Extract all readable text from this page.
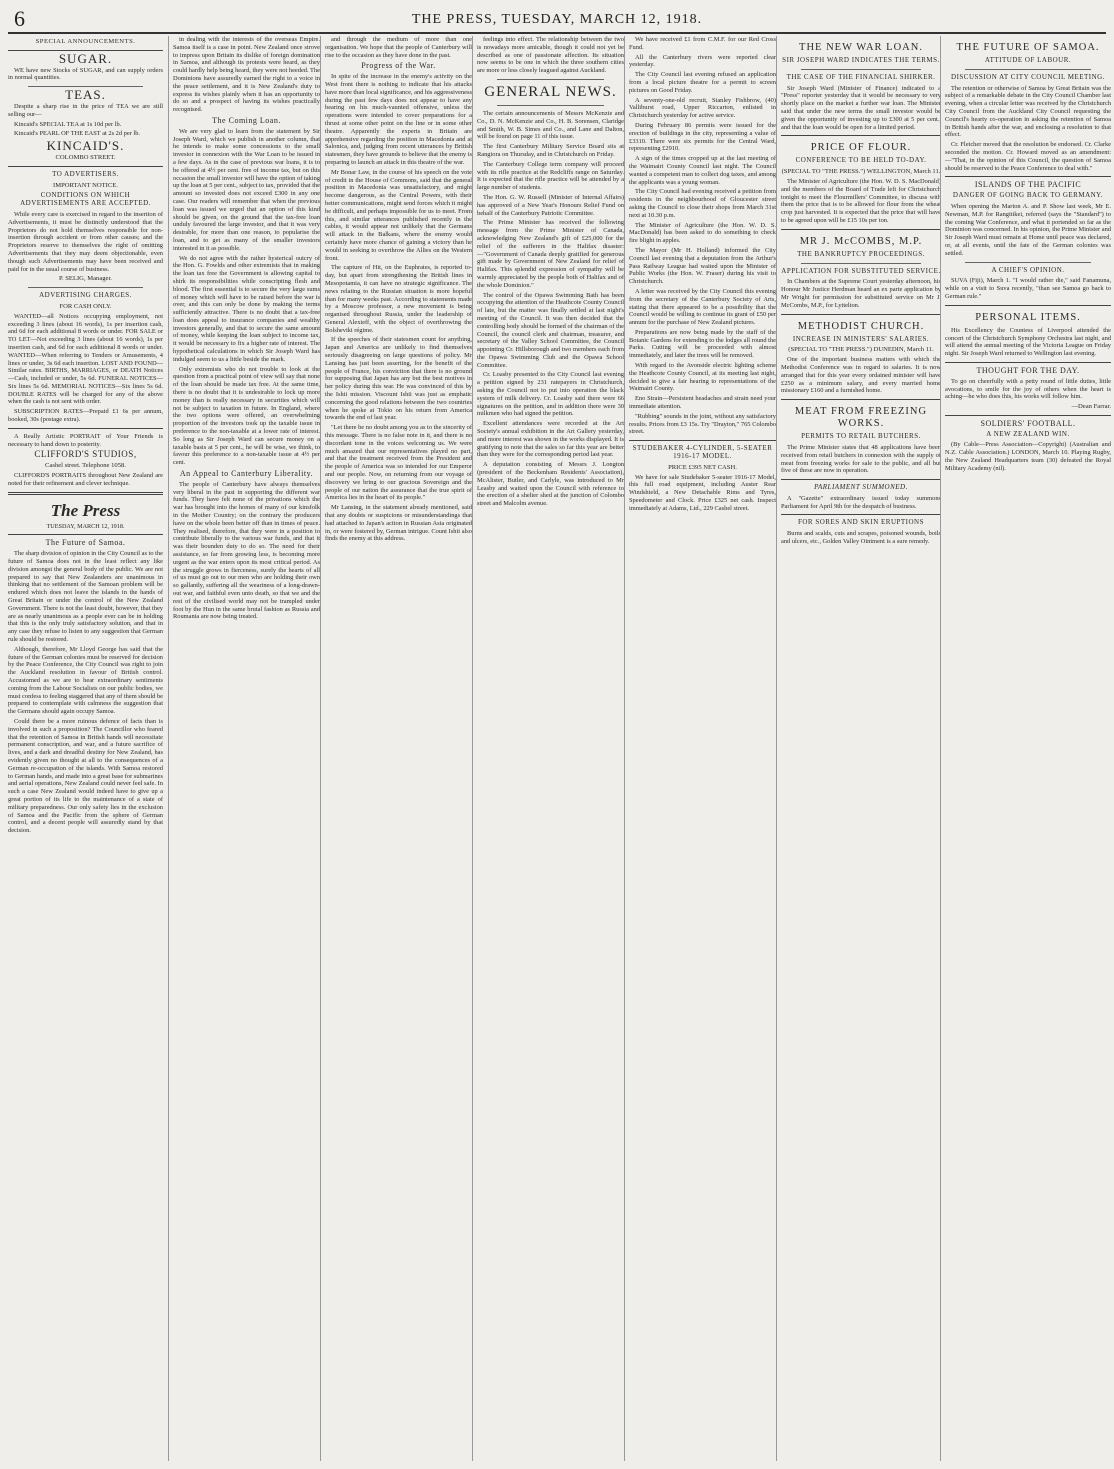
6	THE PRESS, TUESDAY, MARCH 12, 1918.
SPECIAL ANNOUNCEMENTS.
SUGAR.

WE have new Stocks of SUGAR, and can supply orders in normal quantities.

TEAS.

Despite a sharp rise in the price of TEA we are still selling our—

Kincaid's SPECIAL TEA at 1s 10d per lb.

Kincaid's PEARL OF THE EAST at 2s 2d per lb.

KINCAID'S.
COLOMBO STREET.
TO ADVERTISERS.
IMPORTANT NOTICE.
CONDITIONS ON WHICH ADVERTISEMENTS ARE ACCEPTED.

While every care is exercised in regard to the insertion of Advertisements, it must be distinctly understood that the Proprietors do not hold themselves responsible for non-insertion through accident or from other causes; and the Proprietors reserve to themselves the right of omitting Advertisements that they may deem objectionable, even though such Advertisements may have been received and paid for in the usual course of business.

P. SELIG, Manager.
ADVERTISING CHARGES.
FOR CASH ONLY.

WANTED—all Notices occupying employment, not exceeding 3 lines (about 16 words), 1s per insertion cash, and 6d for each additional 8 words or under. FOR SALE or TO LET—Not exceeding 3 lines (about 16 words), 1s per insertion cash, and 6d for each additional 8 words or under. WANTED—When referring to Tenders or Amusements, 4 lines or under, 3s 6d each insertion. LOST AND FOUND—Similar rates. BIRTHS, MARRIAGES, or DEATH Notices—Cash, included or under, 5s 6d. FUNERAL NOTICES—Six lines 5s 6d. MEMORIAL NOTICES—Six lines 5s 6d. DOUBLE RATES will be charged for any of the above when the cash is not sent with order.

SUBSCRIPTION RATES—Prepaid £1 6s per annum, booked, 30s (postage extra).

A Really Artistic PORTRAIT of Your Friends is necessary to hand down to posterity.

CLIFFORD'S STUDIOS,
Cashel street. Telephone 1058.

CLIFFORD'S PORTRAITS throughout New Zealand are noted for their refinement and clever technique.

The Press
TUESDAY, MARCH 12, 1918.
The Future of Samoa.

The sharp division of opinion in the City Council as to the future of Samoa does not in the least reflect any like division amongst the general body of the public. We are not prepared to say that New Zealanders are unanimous in thinking that no settlement of the Samoan problem will be endured which does not leave the islands in the hands of Great Britain or under the control of the New Zealand Government. There is not the least doubt, however, that they are as nearly unanimous as a people ever can be in holding that this is the only truly satisfactory solution, and that in any case they refuse to listen to any suggestion that German rule should be restored.

Although, therefore, Mr Lloyd George has said that the future of the German colonies must be reserved for decision by the Peace Conference, the City Council was right to join the Auckland resolution in favour of British control. Accustomed as we are to hear extraordinary sentiments coming from the Labour Socialists on our public bodies, we must confess to feeling staggered that any of them should be prepared to contemplate with calmness the suggestion that the Germans should again occupy Samoa.

Could there be a more ruinous defence of facts than is involved in such a proposition? The Councillor who feared that the retention of Samoa in British hands will necessitate permanent conscription, and war, and a future sacrifice of lives, and a dark and dreadful destiny for New Zealand, has evidently given no thought at all to the consequences of a German re-occupation of the islands. With Samoa restored to German hands, and made into a great base for submarines and aerial operations, New Zealand could never feel safe. In such a case New Zealand would indeed have to give up a great portion of its life to the maintenance of a state of military preparedness. Our only safety lies in the exclusion of Samoa and the Pacific from the sphere of German control, and a decent people will assuredly stand by that decision.

in dealing with the interests of the overseas Empire. Samoa itself is a case in point. New Zealand once strove to impress upon Britain its dislike of foreign domination in Samoa, and although its protests were heard, as they could hardly help being heard, they were not heeded. The Dominions have assuredly earned the right to a voice in the peace settlement, and it is New Zealand's duty to express its wishes plainly when it has an opportunity to do so and a prospect of having its wishes practically recognised.

The Coming Loan.

We are very glad to learn from the statement by Sir Joseph Ward, which we publish in another column, that he intends to make some concessions to the small investor in connexion with the War Loan to be issued in a few days. As in the case of previous war loans, it is to be offered at 4½ per cent. free of income tax, but on this occasion the small investor will have the option of taking up the loan at 5 per cent., subject to tax, provided that the amount so invested does not exceed £300 in any one case. Our readers will remember that when the previous loan was issued we urged that an option of this kind should be given, on the ground that the tax-free loan unduly favoured the large investor, and that it was very desirable, for more than one reason, to popularise the loan, and to get as many of the smaller investors interested in it as possible.

We do not agree with the rather hysterical outcry of the Hon. G. Fowlds and other extremists that in making the loan tax free the Government is allowing capital to shirk its responsibilities while conscripting flesh and blood. The first essential is to secure the very large sums of money which will have to be raised before the war is over, and this can only be done by making the terms sufficiently attractive. There is no doubt that a tax-free loan does appeal to insurance companies and wealthy investors generally, and that to secure the same amount of money, while keeping the loan subject to income tax, it would be necessary to fix a higher rate of interest. The hypothetical calculations in which Sir Joseph Ward has indulged seem to us a little beside the mark.

Only extremists who do not trouble to look at the question from a practical point of view will say that none of the loan should be made tax free. At the same time, there is no doubt that it is undesirable to lock up more money than is really necessary in securities which will not be subject to taxation in future. In England, where the two options were offered, an overwhelming proportion of the investors took up the taxable issue in preference to the non-taxable at a lower rate of interest. So long as Sir Joseph Ward can secure money on a taxable basis at 5 per cent., he will be wise, we think, to favour this preference to a non-taxable issue at 4½ per cent.

An Appeal to Canterbury Liberality.

The people of Canterbury have always themselves very liberal in the past in supporting the different war funds. They have felt none of the privations which the war has brought into the homes of many of our kinsfolk in the Mother Country; on the contrary the producers have on the whole been better off than in times of peace. They realised, therefore, that they were in a position to contribute liberally to the various war funds, and that it was their bounden duty to do so. The need for their assistance, so far from growing less, is becoming more urgent as the war enters upon its most critical period. As the struggle grows in fierceness, surely the hearts of all of us must go out to our men who are holding their own so gallantly, suffering all the weariness of a long-drawn-out war, and faithful even unto death, so that we and the rest of the civilised world may not be trampled under foot by the Hun in the same brutal fashion as Russia and Roumania are now being treated.

and through the medium of more than one organisation. We hope that the people of Canterbury will rise to the occasion as they have done in the past.

Progress of the War.

In spite of the increase in the enemy's activity on the West front there is nothing to indicate that his attacks have more than local significance, and his aggressiveness during the past few days does not appear to have any bearing on his much-vaunted offensive, unless the operations were intended to cover preparations for a thrust at some other point on the line or in some other theatre. Apparently the experts in Britain are apprehensive regarding the position in Macedonia and at Salonica, and, judging from recent utterances by British statesmen, they have grounds to believe that the enemy is preparing to launch an attack in this theatre of the war.

Mr Bonar Law, in the course of his speech on the vote of credit in the House of Commons, said that the general position in Macedonia was unsatisfactory, and might become dangerous, as the Central Powers, with their better communications, might send forces which it might be difficult, and perhaps impossible for us to meet. From this, and similar utterances published recently in the cables, it would appear not unlikely that the Germans will attack in the Balkans, where the enemy would certainly have more chance of gaining a victory than he would in seeking to overthrow the Allies on the Western front.

The capture of Hit, on the Euphrates, is reported to-day, but apart from strengthening the British lines in Mesopotamia, it can have no strategic significance. The news relating to the Russian situation is more hopeful than for many weeks past. According to statements made by a Moscow professor, a new movement is being organised throughout Russia, under the leadership of General Alexieff, with the object of overthrowing the Bolsheviki régime.

If the speeches of their statesmen count for anything, Japan and America are unlikely to find themselves seriously disagreeing on large questions of policy. Mr Lansing has just been asserting, for the benefit of the people of France, his conviction that there is no ground for supposing that Japan has any but the best motives in her policy during this war. He was convinced of this by the Ishii mission. Viscount Ishii was just as emphatic concerning the good relations between the two countries when he spoke at Tokio on his return from America towards the end of last year.

"Let there be no doubt among you as to the sincerity of this message. There is no false note in it, and there is no discordant tone in the voices welcoming us. We were much amazed that our representatives played no part, and that the treatment received from the President and the people of America was so intended for our Emperor and our people. Now, on returning from our voyage of discovery we bring to our gracious Sovereign and the people of our nation the assurance that the true spirit of America lies in the heart of its people."

Mr Lansing, in the statement already mentioned, said that any doubts or suspicions or misunderstandings that had attached to Japan's action in Russian Asia originated in, or were fostered by, German intrigue. Count Ishii also finds the enemy at this address.

feelings into effect. The relationship between the two is nowadays more amicable, though it could not yet be described as one of passionate affection. Its situation now seems to be one in which the three southern cities are more or less closely leagued against Auckland.

GENERAL NEWS.

The certain announcements of Messrs McKenzie and Co., D. N. McKenzie and Co., H. B. Sorensen, Claridge and Smith, W. B. Simes and Co., and Lane and Dalton, will be found on page 11 of this issue.

The first Canterbury Military Service Board sits at Rangiora on Thursday, and in Christchurch on Friday.

The Canterbury College term company will proceed with its rifle practice at the Redcliffs range on Saturday. It is expected that the rifle practice will be attended by a large number of students.

The Hon. G. W. Russell (Minister of Internal Affairs) has approved of a New Year's Honours Relief Fund on behalf of the Canterbury Patriotic Committee.

The Prime Minister has received the following message from the Prime Minister of Canada, acknowledging New Zealand's gift of £25,000 for the relief of the sufferers in the Halifax disaster:—"Government of Canada deeply gratified for generous gift made by Government of New Zealand for relief of Halifax. This splendid expression of sympathy will be warmly appreciated by the people both of Halifax and of the whole Dominion."

The control of the Opawa Swimming Bath has been occupying the attention of the Heathcote County Council of late, but the matter was finally settled at last night's meeting of the Council. It was then decided that the controlling body should be formed of the chairman of the Council, the council clerk and chairman, treasurer, and secretary of the Valley School Committee, the Council appointing Cr. Hillsborough and two members each from the Opawa Swimming Club and the Opawa School Committee.

Cr. Loasby presented to the City Council last evening a petition signed by 231 ratepayers in Christchurch, asking the Council not to put into operation the black system of milk delivery. Cr. Loasby said there were 66 signatures on the petition, and in addition there were 30 milkmen who had signed the petition.

Excellent attendances were recorded at the Art Society's annual exhibition in the Art Gallery yesterday, and more interest was shown in the works displayed. It is gratifying to note that the sales so far this year are better than they were for the corresponding period last year.

A deputation consisting of Messrs J. Longton (president of the Beckenham Residents' Association), McAlister, Butler, and Carlyle, was introduced to Mr Leasby and waited upon the Council with reference to the erection of a shelter shed at the junction of Colombo street and Malcolm avenue.

We have received £1 from C.M.F. for our Red Cross Fund.

All the Canterbury rivers were reported clear yesterday.

The City Council last evening refused an application from a local picture theatre for a permit to screen pictures on Good Friday.

A seventy-one-old recruit, Stanley Fishbrow, (40) Valliburst road, Upper Riccarton, enlisted in Christchurch yesterday for active service.

During February 86 permits were issued for the erection of buildings in the city, representing a value of £3310. There were six permits for the Central Ward, representing £2910.

A sign of the times cropped up at the last meeting of the Waimairi County Council last night. The Council wanted a competent man to collect dog taxes, and among the applicants was a young woman.

The City Council had evening received a petition from residents in the neighbourhood of Gloucester street asking the Council to close their shops from March 31st next at 10.30 p.m.

The Minister of Agriculture (the Hon. W. D. S. MacDonald) has been asked to do something to check fire blight in apples.

The Mayor (Mr H. Holland) informed the City Council last evening that a deputation from the Arthur's Pass Railway League had waited upon the Minister of Public Works (the Hon. W. Fraser) during his visit to Christchurch.

A letter was received by the City Council this evening from the secretary of the Canterbury Society of Arts, stating that there appeared to be a possibility that the Council would be willing to continue its grant of £50 per annum for the purchase of New Zealand pictures.

Preparations are now being made by the staff of the Botanic Gardens for extending to the lodges all round the Parks. Cutting will be proceeded with almost immediately, and later the trees will be removed.

With regard to the Avonside electric lighting scheme the Heathcote County Council, at its meeting last night, decided to give a fair hearing to representations of the Waimairi County.

Eno Strain—Persistent headaches and strain need your immediate attention.

"Rubbing" sounds in the joint, without any satisfactory results. Prices from £3 15s. Try "Drayton," 765 Colombo street.

STUDEBAKER 4-CYLINDER, 5-SEATER 1916-17 MODEL.
PRICE £395 NET CASH.

We have for sale Studebaker 5-seater 1916-17 Model, this full road equipment, including Auster Rear Windshield, a New Detachable Rims and Tyres, Speedometer and Clock. Price £325 net cash. Inspect immediately at Adams, Ltd., 229 Cashel street.

THE NEW WAR LOAN.
SIR JOSEPH WARD INDICATES THE TERMS.
THE CASE OF THE FINANCIAL SHIRKER.

Sir Joseph Ward (Minister of Finance) indicated to a "Press" reporter yesterday that it would be necessary to very shortly place on the market a further war loan. The Minister said that under the new terms the small investor would be given the opportunity of investing up to £300 at 5 per cent., and that the loan would be open for a limited period.

PRICE OF FLOUR.
CONFERENCE TO BE HELD TO-DAY.
(SPECIAL TO "THE PRESS.") WELLINGTON, March 11.

The Minister of Agriculture (the Hon. W. D. S. MacDonald) and the members of the Board of Trade left for Christchurch tonight to meet the Flourmillers' Committee, to discuss with them the price that is to be allowed for flour from the wheat crop just harvested. It is expected that the price that will have to be agreed upon will be £15 10s per ton.

MR J. McCOMBS, M.P.
THE BANKRUPTCY PROCEEDINGS.
APPLICATION FOR SUBSTITUTED SERVICE.

In Chambers at the Supreme Court yesterday afternoon, his Honour Mr Justice Herdman heard an ex parte application by Mr Wright for permission for substituted service on Mr J. McCombs, M.P., for Lyttelton.

METHODIST CHURCH.
INCREASE IN MINISTERS' SALARIES.
(SPECIAL TO "THE PRESS.") DUNEDIN, March 11.

One of the important business matters with which the Methodist Conference was in regard to salaries. It is now arranged that for this year every ordained minister will have £250 as a minimum salary, and every married home missionary £160 and a furnished home.

MEAT FROM FREEZING WORKS.
PERMITS TO RETAIL BUTCHERS.

The Prime Minister states that 48 applications have been received from retail butchers in connexion with the supply of meat from freezing works for sale to the public, and all but five of these are now in operation.

PARLIAMENT SUMMONED.

A "Gazette" extraordinary issued today summons Parliament for April 9th for the despatch of business.

FOR SORES AND SKIN ERUPTIONS

Burns and scalds, cuts and scrapes, poisoned wounds, boils and ulcers, etc., Golden Valley Ointment is a sure remedy.

THE FUTURE OF SAMOA.
ATTITUDE OF LABOUR.
DISCUSSION AT CITY COUNCIL MEETING.

The retention or otherwise of Samoa by Great Britain was the subject of a remarkable debate in the City Council Chamber last evening, when a circular letter was received by the Christchurch City Council from the Auckland City Council requesting the Council's hearty co-operation in asking the retention of Samoa in British hands after the war, and enclosing a resolution to that effect.

Cr. Fletcher moved that the resolution be endorsed. Cr. Clarke seconded the motion. Cr. Howard moved as an amendment:—"That, in the opinion of this Council, the question of Samoa should be reserved to the Peace Conference to deal with."

ISLANDS OF THE PACIFIC
DANGER OF GOING BACK TO GERMANY.

When opening the Marton A. and P. Show last week, Mr E. Newman, M.P. for Rangitikei, referred (says the "Standard") to the coming War Conference, and what it portended so far as the Dominion was concerned. In his opinion, the Prime Minister and Sir Joseph Ward must remain at Home until peace was declared, or, at all events, until the fate of the German colonies was settled.

A CHIEF'S OPINION.

SUVA (Fiji), March 1. "I would rather die," said Fanamuna, while on a visit to Suva recently, "than see Samoa go back to German rule."

PERSONAL ITEMS.

His Excellency the Countess of Liverpool attended the concert of the Christchurch Symphony Orchestra last night, and will attend the annual meeting of the Victoria League on Friday night. Sir Joseph Ward returned to Wellington last evening.

THOUGHT FOR THE DAY.

To go on cheerfully with a petty round of little duties, little avocations, to smile for the joy of others when the heart is aching—he who does this, his works will follow him.

—Dean Farrar.
SOLDIERS' FOOTBALL.
A NEW ZEALAND WIN.

(By Cable—Press Association—Copyright) (Australian and N.Z. Cable Association.) LONDON, March 10. Playing Rugby, the New Zealand Headquarters team (30) defeated the Royal Military Academy (nil).
